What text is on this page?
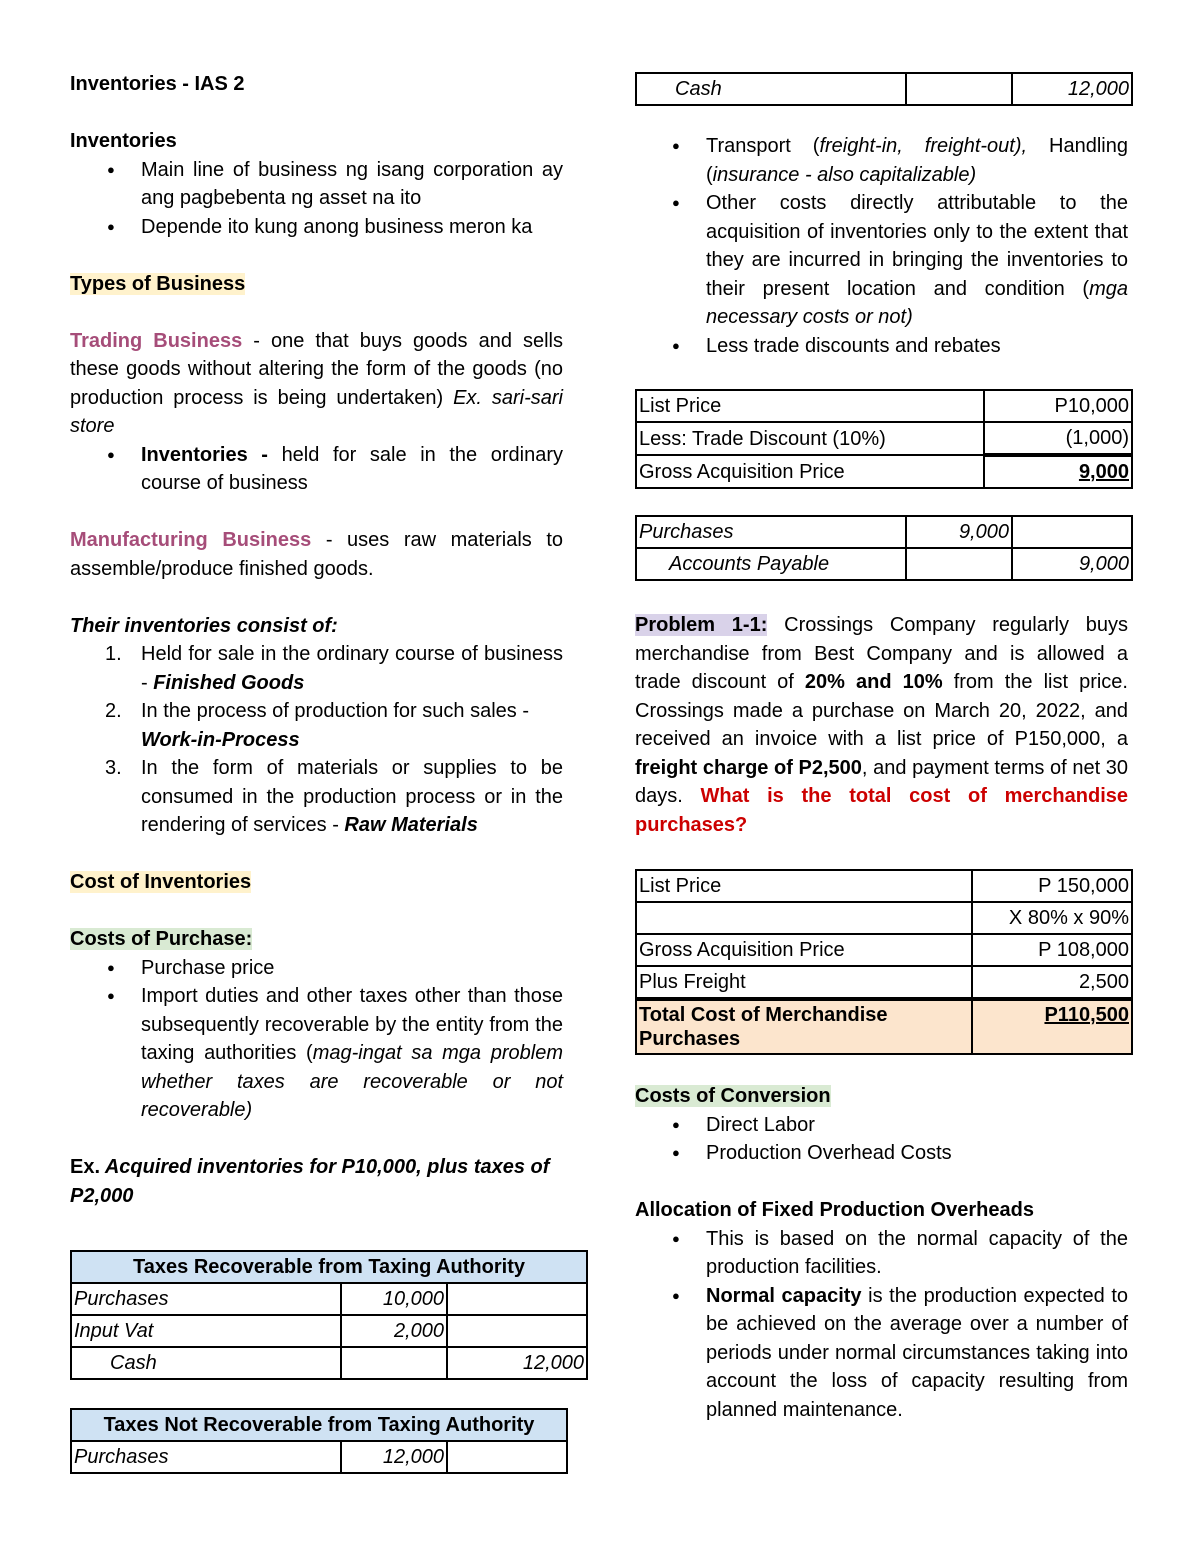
Inventories - IAS 2

Inventories

● Main line of business ng isang corporation ay ang pagbebenta ng asset na ito
● Depende ito kung anong business meron ka

Types of Business

Trading Business - one that buys goods and sells these goods without altering the form of the goods (no production process is being undertaken) Ex. sari-sari store

● Inventories - held for sale in the ordinary course of business

Manufacturing Business - uses raw materials to assemble/produce finished goods.

Their inventories consist of:

1. Held for sale in the ordinary course of business - Finished Goods
2. In the process of production for such sales - Work-in-Process
3. In the form of materials or supplies to be consumed in the production process or in the rendering of services - Raw Materials

Cost of Inventories

Costs of Purchase:

● Purchase price
● Import duties and other taxes other than those subsequently recoverable by the entity from the taxing authorities (mag-ingat sa mga problem whether taxes are recoverable or not recoverable)

Ex. Acquired inventories for P10,000, plus taxes of P2,000

Taxes Recoverable from Taxing Authority		
Purchases	10,000	
Input Vat	2,000	
Cash		12,000
Taxes Not Recoverable from Taxing Authority
Purchases	12,000	
Cash		12,000
● Transport (freight-in, freight-out), Handling (insurance - also capitalizable)
● Other costs directly attributable to the acquisition of inventories only to the extent that they are incurred in bringing the inventories to their present location and condition (mga necessary costs or not)
● Less trade discounts and rebates
List Price	P10,000
Less: Trade Discount (10%)	(1,000)
Gross Acquisition Price	9,000
Purchases	9,000	
Accounts Payable		9,000

Problem 1-1: Crossings Company regularly buys merchandise from Best Company and is allowed a trade discount of 20% and 10% from the list price. Crossings made a purchase on March 20, 2022, and received an invoice with a list price of P150,000, a freight charge of P2,500, and payment terms of net 30 days. What is the total cost of merchandise purchases?

List Price	P 150,000
	X 80% x 90%
Gross Acquisition Price	P 108,000
Plus Freight	2,500
Total Cost of Merchandise Purchases	P110,500

Costs of Conversion

● Direct Labor
● Production Overhead Costs

Allocation of Fixed Production Overheads

● This is based on the normal capacity of the production facilities.
● Normal capacity is the production expected to be achieved on the average over a number of periods under normal circumstances taking into account the loss of capacity resulting from planned maintenance.
